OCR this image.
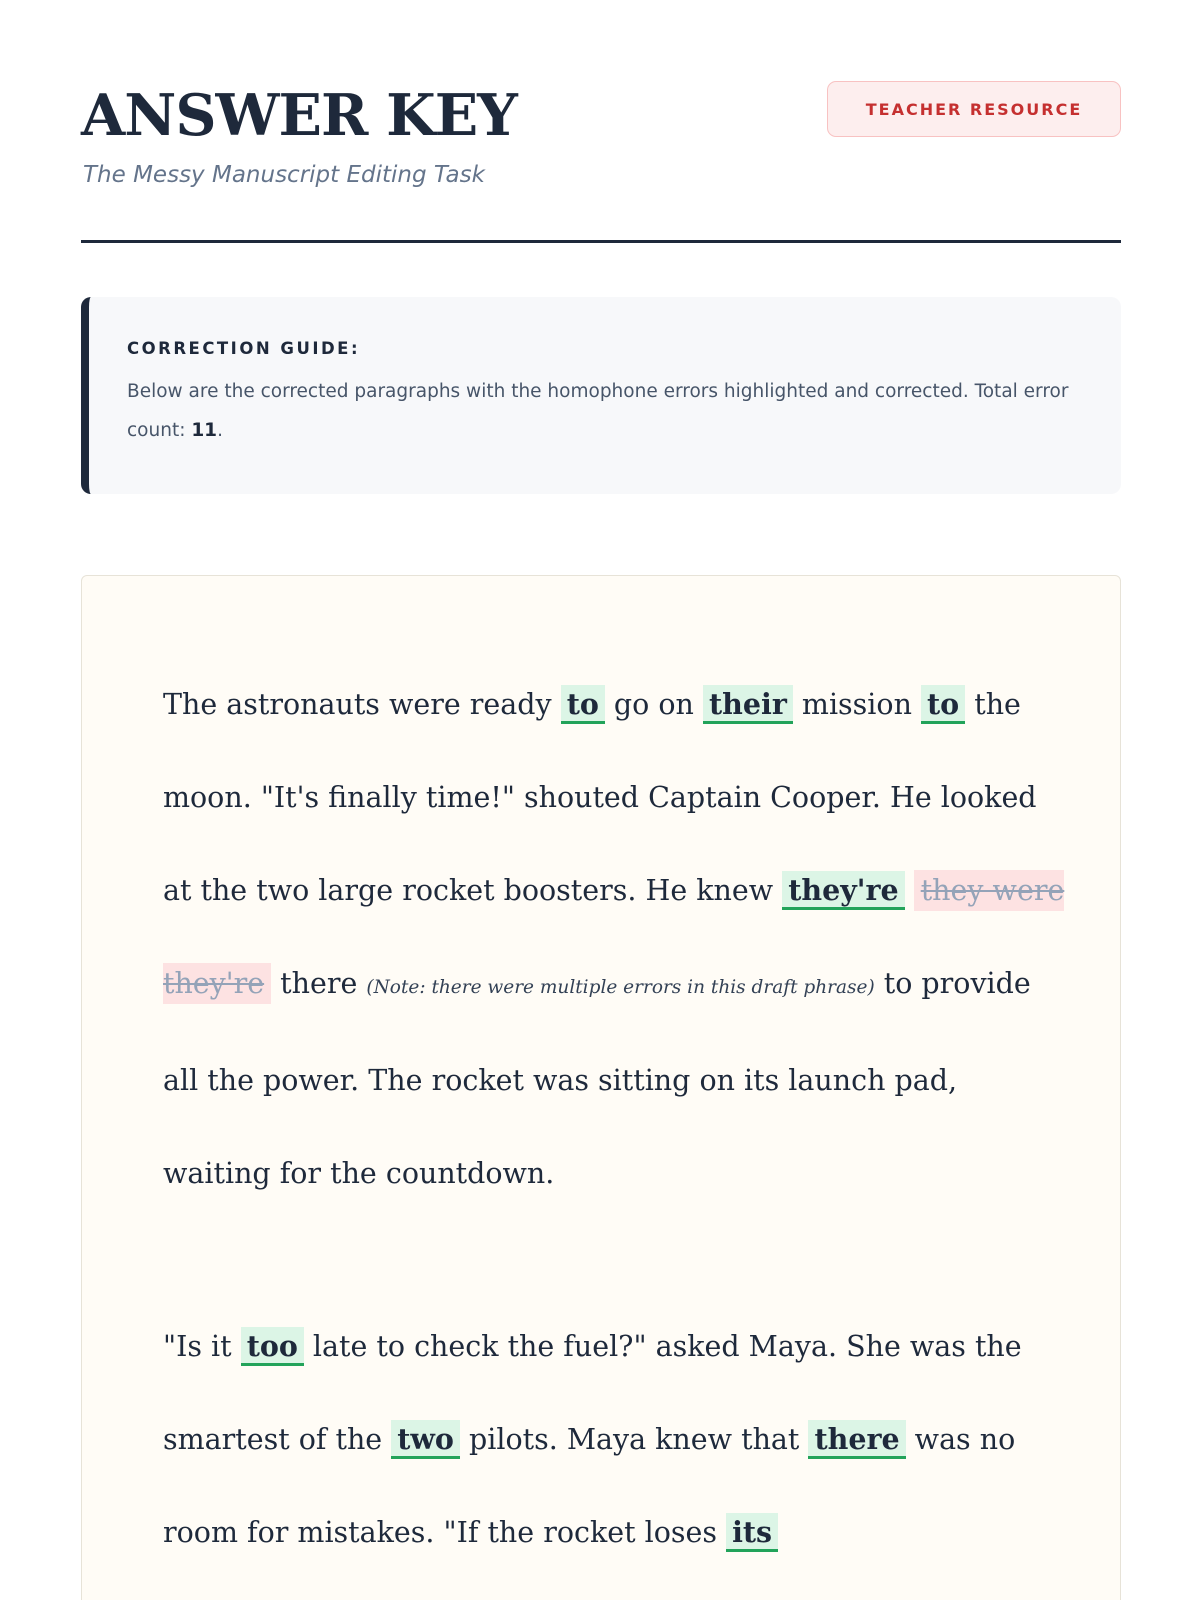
ANSWER KEY
The Messy Manuscript Editing Task
TEACHER RESOURCE
CORRECTION GUIDE:
Below are the corrected paragraphs with the homophone errors highlighted and corrected. Total error count: 11.

The astronauts were ready to go on their mission to the moon. "It's finally time!" shouted Captain Cooper. He looked at the two large rocket boosters. He knew they're they were they're there (Note: there were multiple errors in this draft phrase) to provide all the power. The rocket was sitting on its launch pad, waiting for the countdown.

"Is it too late to check the fuel?" asked Maya. She was the smartest of the two pilots. Maya knew that there was no room for mistakes. "If the rocket loses its
